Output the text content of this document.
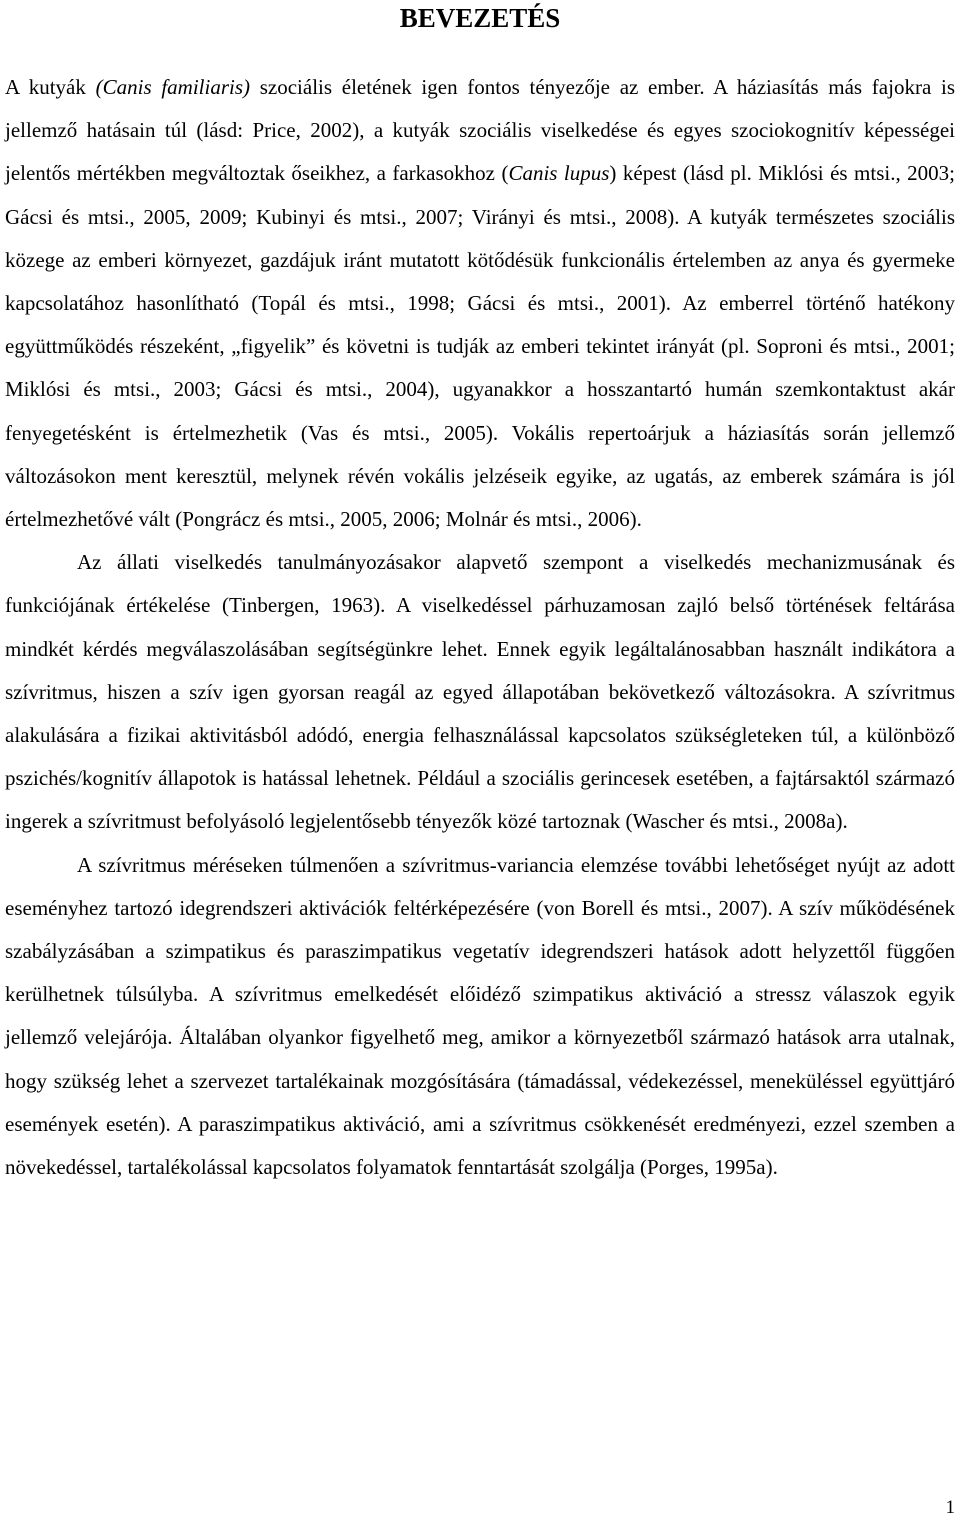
BEVEZETÉS

A kutyák (Canis familiaris) szociális életének igen fontos tényezője az ember. A háziasítás más fajokra is jellemző hatásain túl (lásd: Price, 2002), a kutyák szociális viselkedése és egyes szociokognitív képességei jelentős mértékben megváltoztak őseikhez, a farkasokhoz (Canis lupus) képest (lásd pl. Miklósi és mtsi., 2003; Gácsi és mtsi., 2005, 2009; Kubinyi és mtsi., 2007; Virányi és mtsi., 2008). A kutyák természetes szociális közege az emberi környezet, gazdájuk iránt mutatott kötődésük funkcionális értelemben az anya és gyermeke kapcsolatához hasonlítható (Topál és mtsi., 1998; Gácsi és mtsi., 2001). Az emberrel történő hatékony együttműködés részeként, „figyelik” és követni is tudják az emberi tekintet irányát (pl. Soproni és mtsi., 2001; Miklósi és mtsi., 2003; Gácsi és mtsi., 2004), ugyanakkor a hosszantartó humán szemkontaktust akár fenyegetésként is értelmezhetik (Vas és mtsi., 2005). Vokális repertoárjuk a háziasítás során jellemző változásokon ment keresztül, melynek révén vokális jelzéseik egyike, az ugatás, az emberek számára is jól értelmezhetővé vált (Pongrácz és mtsi., 2005, 2006; Molnár és mtsi., 2006).

Az állati viselkedés tanulmányozásakor alapvető szempont a viselkedés mechanizmusának és funkciójának értékelése (Tinbergen, 1963). A viselkedéssel párhuzamosan zajló belső történések feltárása mindkét kérdés megválaszolásában segítségünkre lehet. Ennek egyik legáltalánosabban használt indikátora a szívritmus, hiszen a szív igen gyorsan reagál az egyed állapotában bekövetkező változásokra. A szívritmus alakulására a fizikai aktivitásból adódó, energia felhasználással kapcsolatos szükségleteken túl, a különböző pszichés/kognitív állapotok is hatással lehetnek. Például a szociális gerincesek esetében, a fajtársaktól származó ingerek a szívritmust befolyásoló legjelentősebb tényezők közé tartoznak (Wascher és mtsi., 2008a).

A szívritmus méréseken túlmenően a szívritmus-variancia elemzése további lehetőséget nyújt az adott eseményhez tartozó idegrendszeri aktivációk feltérképezésére (von Borell és mtsi., 2007). A szív működésének szabályzásában a szimpatikus és paraszimpatikus vegetatív idegrendszeri hatások adott helyzettől függően kerülhetnek túlsúlyba. A szívritmus emelkedését előidéző szimpatikus aktiváció a stressz válaszok egyik jellemző velejárója. Általában olyankor figyelhető meg, amikor a környezetből származó hatások arra utalnak, hogy szükség lehet a szervezet tartalékainak mozgósítására (támadással, védekezéssel, meneküléssel együttjáró események esetén). A paraszimpatikus aktiváció, ami a szívritmus csökkenését eredményezi, ezzel szemben a növekedéssel, tartalékolással kapcsolatos folyamatok fenntartását szolgálja (Porges, 1995a).

1
